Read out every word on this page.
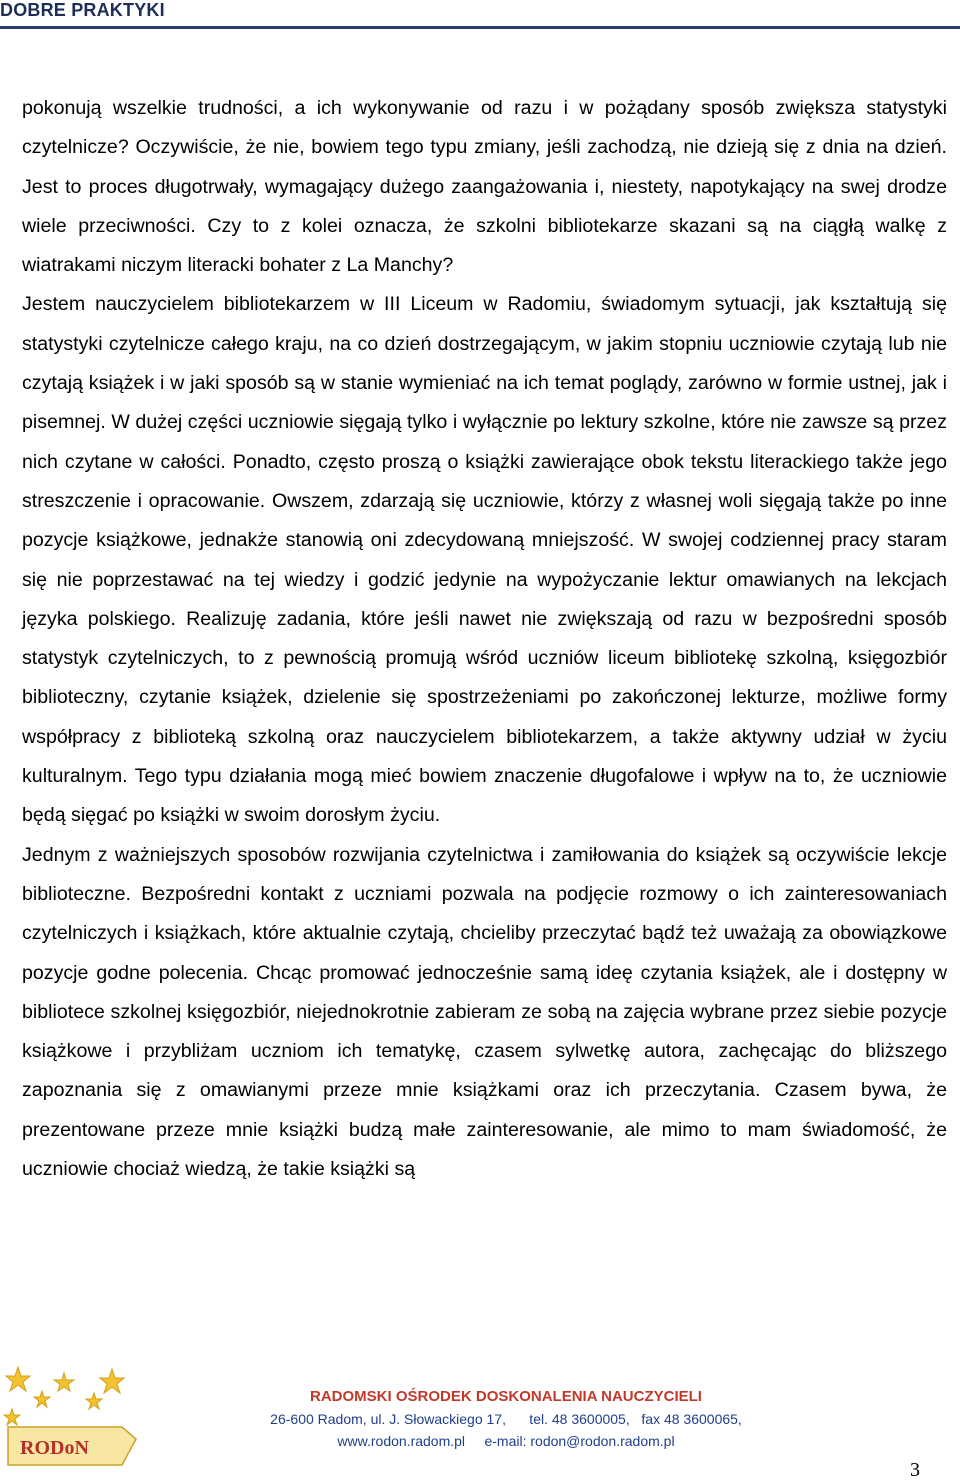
DOBRE PRAKTYKI

pokonują wszelkie trudności, a ich wykonywanie od razu i w pożądany sposób zwiększa statystyki czytelnicze? Oczywiście, że nie, bowiem tego typu zmiany, jeśli zachodzą, nie dzieją się z dnia na dzień. Jest to proces długotrwały, wymagający dużego zaangażowania i, niestety, napotykający na swej drodze wiele przeciwności. Czy to z kolei oznacza, że szkolni bibliotekarze skazani są na ciągłą walkę z wiatrakami niczym literacki bohater z La Manchy?

Jestem nauczycielem bibliotekarzem w III Liceum w Radomiu, świadomym sytuacji, jak kształtują się statystyki czytelnicze całego kraju, na co dzień dostrzegającym, w jakim stopniu uczniowie czytają lub nie czytają książek i w jaki sposób są w stanie wymieniać na ich temat poglądy, zarówno w formie ustnej, jak i pisemnej. W dużej części uczniowie sięgają tylko i wyłącznie po lektury szkolne, które nie zawsze są przez nich czytane w całości. Ponadto, często proszą o książki zawierające obok tekstu literackiego także jego streszczenie i opracowanie. Owszem, zdarzają się uczniowie, którzy z własnej woli sięgają także po inne pozycje książkowe, jednakże stanowią oni zdecydowaną mniejszość. W swojej codziennej pracy staram się nie poprzestawać na tej wiedzy i godzić jedynie na wypożyczanie lektur omawianych na lekcjach języka polskiego. Realizuję zadania, które jeśli nawet nie zwiększają od razu w bezpośredni sposób statystyk czytelniczych, to z pewnością promują wśród uczniów liceum bibliotekę szkolną, księgozbiór biblioteczny, czytanie książek, dzielenie się spostrzeżeniami po zakończonej lekturze, możliwe formy współpracy z biblioteką szkolną oraz nauczycielem bibliotekarzem, a także aktywny udział w życiu kulturalnym. Tego typu działania mogą mieć bowiem znaczenie długofalowe i wpływ na to, że uczniowie będą sięgać po książki w swoim dorosłym życiu.

Jednym z ważniejszych sposobów rozwijania czytelnictwa i zamiłowania do książek są oczywiście lekcje biblioteczne. Bezpośredni kontakt z uczniami pozwala na podjęcie rozmowy o ich zainteresowaniach czytelniczych i książkach, które aktualnie czytają, chcieliby przeczytać bądź też uważają za obowiązkowe pozycje godne polecenia. Chcąc promować jednocześnie samą ideę czytania książek, ale i dostępny w bibliotece szkolnej księgozbiór, niejednokrotnie zabieram ze sobą na zajęcia wybrane przez siebie pozycje książkowe i przybliżam uczniom ich tematykę, czasem sylwetkę autora, zachęcając do bliższego zapoznania się z omawianymi przeze mnie książkami oraz ich przeczytania. Czasem bywa, że prezentowane przeze mnie książki budzą małe zainteresowanie, ale mimo to mam świadomość, że uczniowie chociaż wiedzą, że takie książki są

RODoN
RADOMSKI OŚRODEK DOSKONALENIA NAUCZYCIELI
26-600 Radom, ul. J. Słowackiego 17,      tel. 48 3600005,   fax 48 3600065,
www.rodon.radom.pl     e-mail: rodon@rodon.radom.pl
3
